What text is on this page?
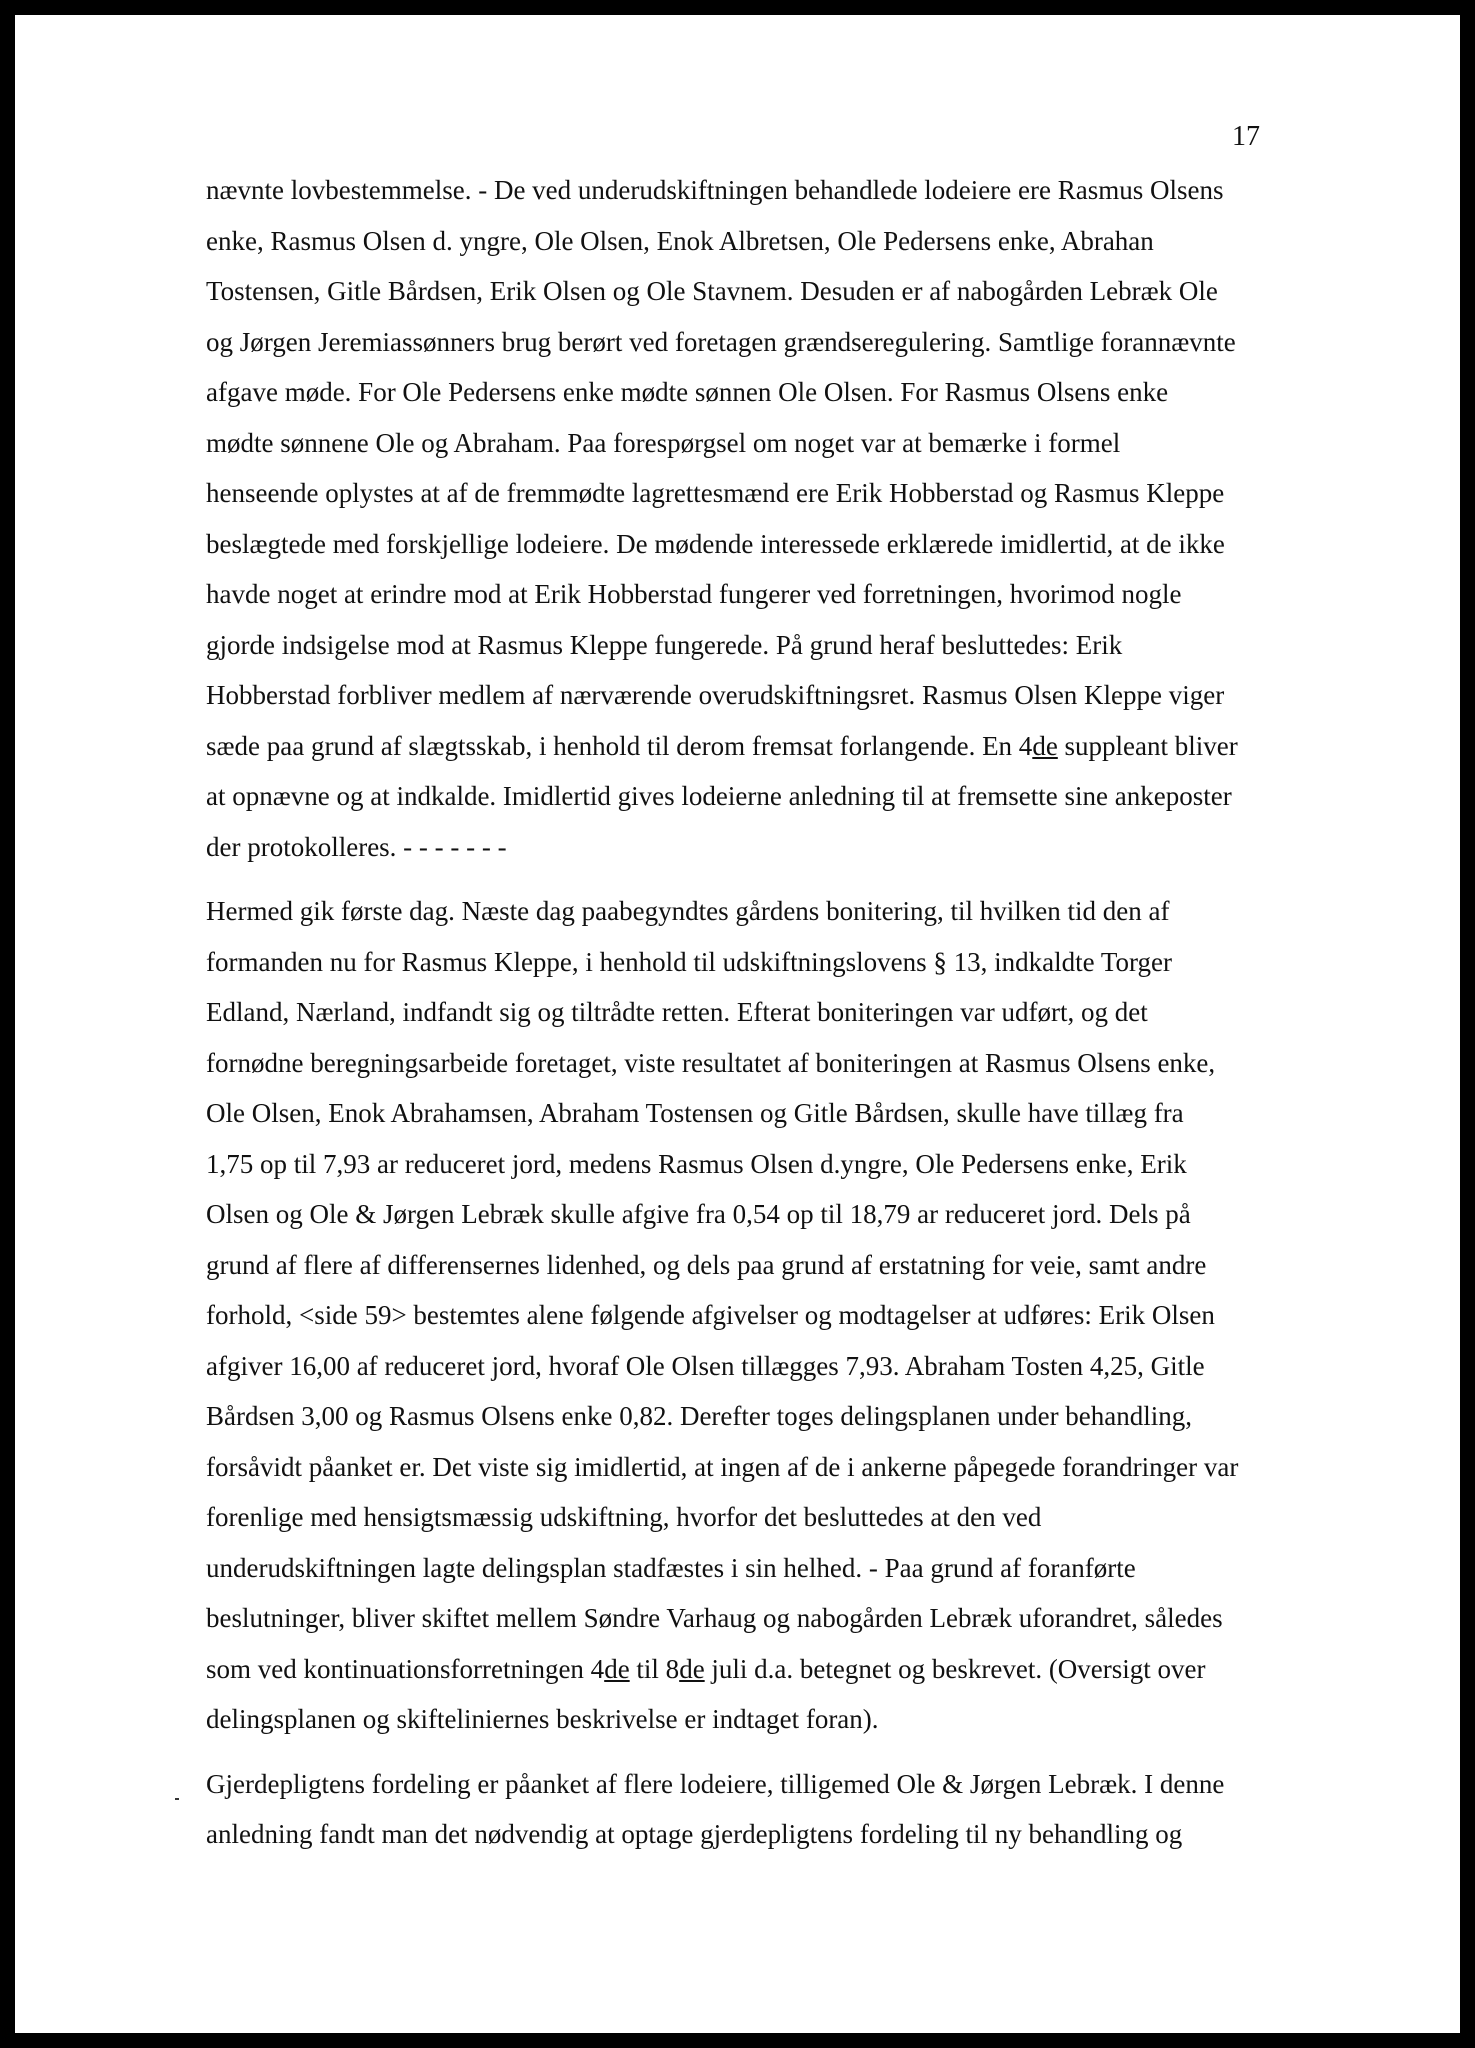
17
nævnte lovbestemmelse. - De ved underudskiftningen behandlede lodeiere ere Rasmus Olsens
enke, Rasmus Olsen d. yngre, Ole Olsen, Enok Albretsen, Ole Pedersens enke, Abrahan
Tostensen, Gitle Bårdsen, Erik Olsen og Ole Stavnem. Desuden er af nabogården Lebræk Ole
og Jørgen Jeremiassønners brug berørt ved foretagen grændseregulering. Samtlige forannævnte
afgave møde. For Ole Pedersens enke mødte sønnen Ole Olsen. For Rasmus Olsens enke
mødte sønnene Ole og Abraham. Paa forespørgsel om noget var at bemærke i formel
henseende oplystes at af de fremmødte lagrettesmænd ere Erik Hobberstad og Rasmus Kleppe
beslægtede med forskjellige lodeiere. De mødende interessede erklærede imidlertid, at de ikke
havde noget at erindre mod at Erik Hobberstad fungerer ved forretningen, hvorimod nogle
gjorde indsigelse mod at Rasmus Kleppe fungerede. På grund heraf besluttedes: Erik
Hobberstad forbliver medlem af nærværende overudskiftningsret. Rasmus Olsen Kleppe viger
sæde paa grund af slægtsskab, i henhold til derom fremsat forlangende. En 4de suppleant bliver
at opnævne og at indkalde. Imidlertid gives lodeierne anledning til at fremsette sine ankeposter
der protokolleres. - - - - - - -
Hermed gik første dag. Næste dag paabegyndtes gårdens bonitering, til hvilken tid den af
formanden nu for Rasmus Kleppe, i henhold til udskiftningslovens § 13, indkaldte Torger
Edland, Nærland, indfandt sig og tiltrådte retten. Efterat boniteringen var udført, og det
fornødne beregningsarbeide foretaget, viste resultatet af boniteringen at Rasmus Olsens enke,
Ole Olsen, Enok Abrahamsen, Abraham Tostensen og Gitle Bårdsen, skulle have tillæg fra
1,75 op til 7,93 ar reduceret jord, medens Rasmus Olsen d.yngre, Ole Pedersens enke, Erik
Olsen og Ole & Jørgen Lebræk skulle afgive fra 0,54 op til 18,79 ar reduceret jord. Dels på
grund af flere af differensernes lidenhed, og dels paa grund af erstatning for veie, samt andre
forhold, <side 59> bestemtes alene følgende afgivelser og modtagelser at udføres: Erik Olsen
afgiver 16,00 af reduceret jord, hvoraf Ole Olsen tillægges 7,93. Abraham Tosten 4,25, Gitle
Bårdsen 3,00 og Rasmus Olsens enke 0,82. Derefter toges delingsplanen under behandling,
forsåvidt påanket er. Det viste sig imidlertid, at ingen af de i ankerne påpegede forandringer var
forenlige med hensigtsmæssig udskiftning, hvorfor det besluttedes at den ved
underudskiftningen lagte delingsplan stadfæstes i sin helhed. - Paa grund af foranførte
beslutninger, bliver skiftet mellem Søndre Varhaug og nabogården Lebræk uforandret, således
som ved kontinuationsforretningen 4de til 8de juli d.a. betegnet og beskrevet. (Oversigt over
delingsplanen og skifteliniernes beskrivelse er indtaget foran).
Gjerdepligtens fordeling er påanket af flere lodeiere, tilligemed Ole & Jørgen Lebræk. I denne
anledning fandt man det nødvendig at optage gjerdepligtens fordeling til ny behandling og
